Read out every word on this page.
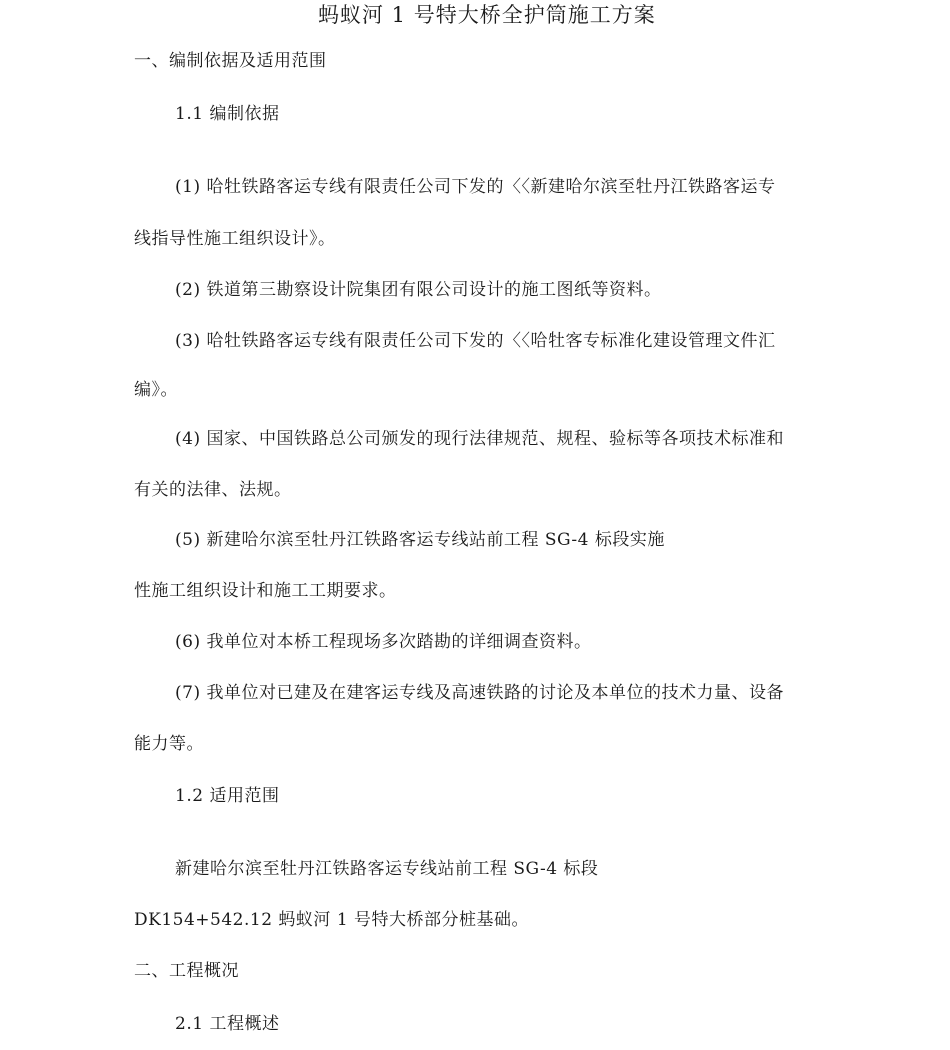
蚂蚁河 1 号特大桥全护筒施工方案
一、编制依据及适用范围
1.1 编制依据
(1) 哈牡铁路客运专线有限责任公司下发的〈〈新建哈尔滨至牡丹江铁路客运专
线指导性施工组织设计》。
(2) 铁道第三勘察设计院集团有限公司设计的施工图纸等资料。
(3) 哈牡铁路客运专线有限责任公司下发的〈〈哈牡客专标准化建设管理文件汇
编》。
(4) 国家、中国铁路总公司颁发的现行法律规范、规程、验标等各项技术标准和
有关的法律、法规。
(5) 新建哈尔滨至牡丹江铁路客运专线站前工程 SG-4 标段实施
性施工组织设计和施工工期要求。
(6) 我单位对本桥工程现场多次踏勘的详细调查资料。
(7) 我单位对已建及在建客运专线及高速铁路的讨论及本单位的技术力量、设备
能力等。
1.2 适用范围
新建哈尔滨至牡丹江铁路客运专线站前工程 SG-4 标段
DK154+542.12 蚂蚁河 1 号特大桥部分桩基础。
二、工程概况
2.1 工程概述
